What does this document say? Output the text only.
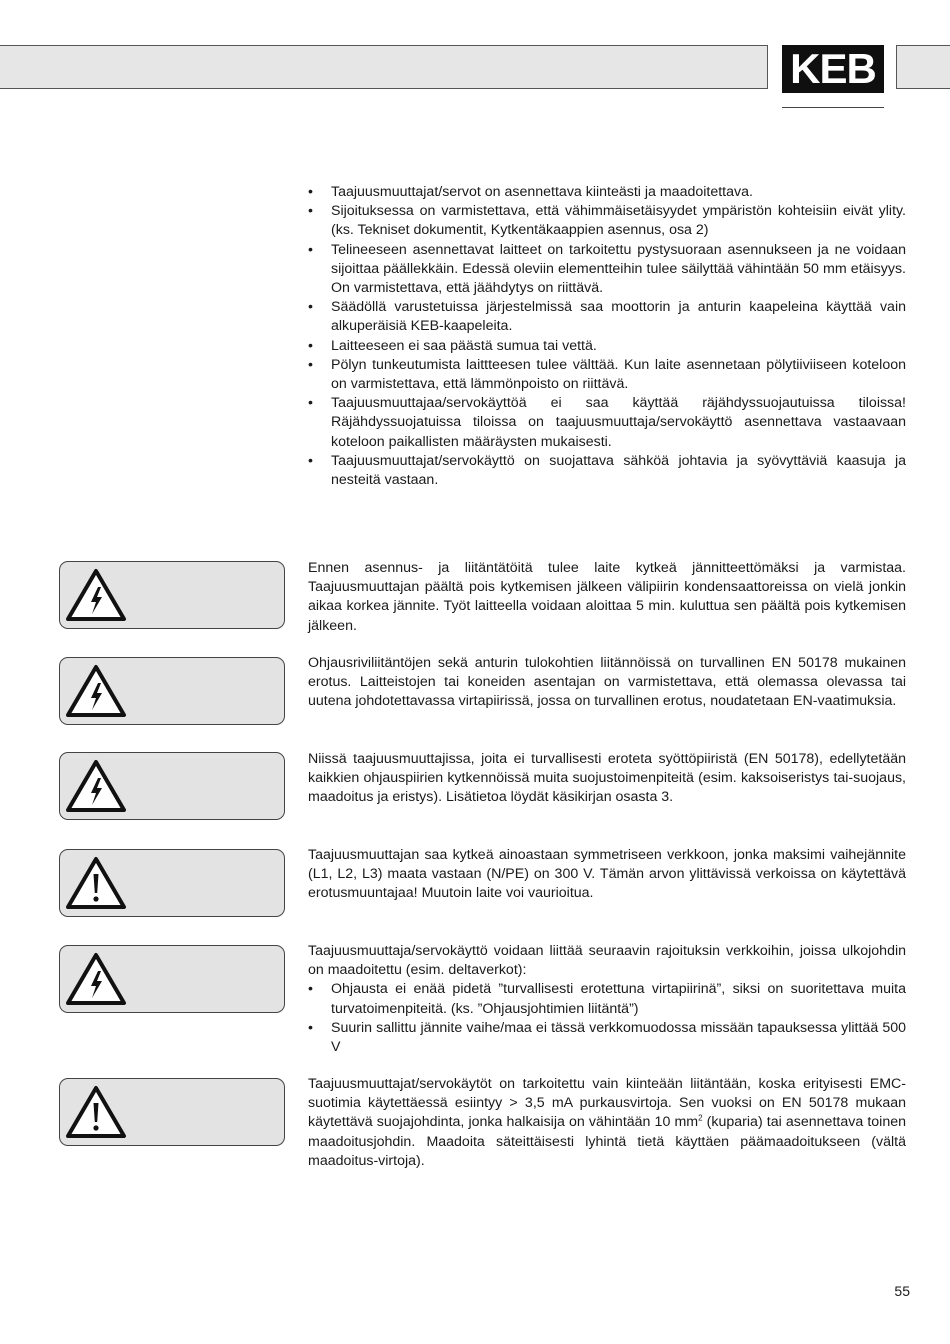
KEB
• Taajuusmuuttajat/servot on asennettava kiinteästi ja maadoitettava.
• Sijoituksessa on varmistettava, että vähimmäisetäisyydet ympäristön kohteisiin eivät ylity. (ks. Tekniset dokumentit, Kytkentäkaappien asennus, osa 2)
• Telineeseen asennettavat laitteet on tarkoitettu pystysuoraan asennukseen ja ne voidaan sijoittaa päällekkäin. Edessä oleviin elementteihin tulee säilyttää vähintään 50 mm etäisyys. On varmistettava, että jäähdytys on riittävä.
• Säädöllä varustetuissa järjestelmissä saa moottorin ja anturin kaapeleina käyttää vain alkuperäisiä KEB-kaapeleita.
• Laitteeseen ei saa päästä sumua tai vettä.
• Pölyn tunkeutumista laittteesen tulee välttää. Kun laite asennetaan pölytiiviiseen koteloon on varmistettava, että lämmönpoisto on riittävä.
• Taajuusmuuttajaa/servokäyttöä ei saa käyttää räjähdyssuojautuissa tiloissa! Räjähdyssuojatuissa tiloissa on taajuusmuuttaja/servokäyttö asennettava vastaavaan koteloon paikallisten määräysten mukaisesti.
• Taajuusmuuttajat/servokäyttö on suojattava sähköä johtavia ja syövyttäviä kaasuja ja nesteitä vastaan.

Ennen asennus- ja liitäntätöitä tulee laite kytkeä jännitteettömäksi ja varmistaa. Taajuusmuuttajan päältä pois kytkemisen jälkeen välipiirin kondensaattoreissa on vielä jonkin aikaa korkea jännite. Työt laitteella voidaan aloittaa 5 min. kuluttua sen päältä pois kytkemisen jälkeen.

Ohjausriviliitäntöjen sekä anturin tulokohtien liitännöissä on turvallinen EN 50178 mukainen erotus. Laitteistojen tai koneiden asentajan on varmistettava, että olemassa olevassa tai uutena johdotettavassa virtapiirissä, jossa on turvallinen erotus, noudatetaan EN-vaatimuksia.

Niissä taajuusmuuttajissa, joita ei turvallisesti eroteta syöttöpiiristä (EN 50178), edellytetään kaikkien ohjauspiirien kytkennöissä muita suojustoimenpiteitä (esim. kaksoiseristys tai-suojaus, maadoitus ja eristys). Lisätietoa löydät käsikirjan osasta 3.

Taajuusmuuttajan saa kytkeä ainoastaan symmetriseen verkkoon, jonka maksimi vaihejännite (L1, L2, L3) maata vastaan (N/PE) on 300 V. Tämän arvon ylittävissä verkoissa on käytettävä erotusmuuntajaa! Muutoin laite voi vaurioitua.

Taajuusmuuttaja/servokäyttö voidaan liittää seuraavin rajoituksin verkkoihin, joissa ulkojohdin on maadoitettu (esim. deltaverkot):

• Ohjausta ei enää pidetä ”turvallisesti erotettuna virtapiirinä”, siksi on suoritettava muita turvatoimenpiteitä. (ks. ”Ohjausjohtimien liitäntä”)
• Suurin sallittu jännite vaihe/maa ei tässä verkkomuodossa missään tapauksessa ylittää 500 V

Taajuusmuuttajat/servokäytöt on tarkoitettu vain kiinteään liitäntään, koska erityisesti EMC-suotimia käytettäessä esiintyy > 3,5 mA purkausvirtoja. Sen vuoksi on EN 50178 mukaan käytettävä suojajohdinta, jonka halkaisija on vähintään 10 $mm^2$ (kuparia) tai asennettava toinen maadoitusjohdin. Maadoita säteittäisesti lyhintä tietä käyttäen päämaadoitukseen (vältä maadoitus-virtoja).

55
